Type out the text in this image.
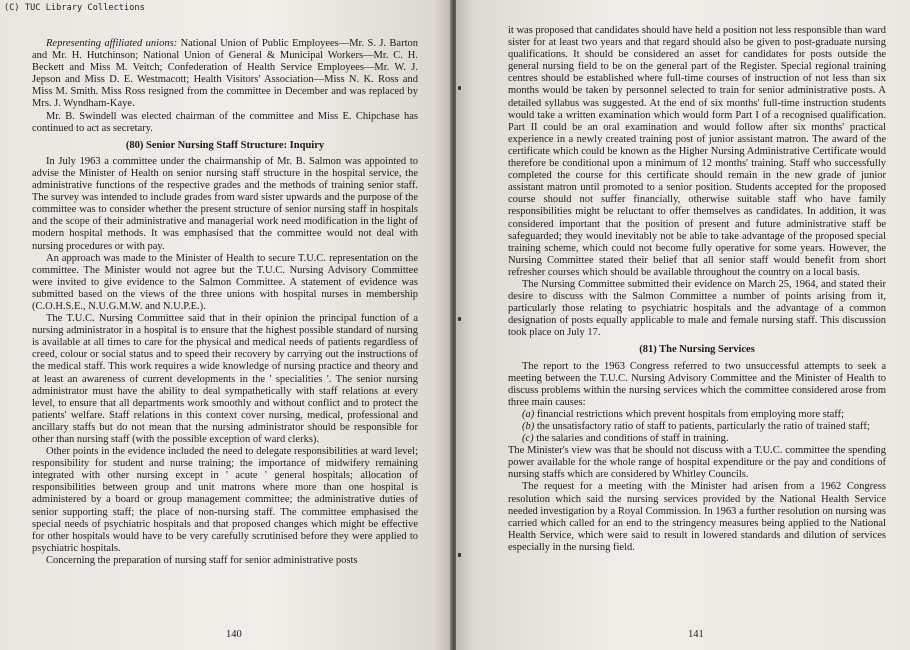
(C) TUC Library Collections

Representing affiliated unions: National Union of Public Employees—Mr. S. J. Barton and Mr. H. Hutchinson; National Union of General & Municipal Workers—Mr. C. H. Beckett and Miss M. Veitch; Confederation of Health Service Employees—Mr. W. J. Jepson and Miss D. E. Westmacott; Health Visitors' Association—Miss N. K. Ross and Miss M. Smith. Miss Ross resigned from the committee in December and was replaced by Mrs. J. Wyndham-Kaye.

Mr. B. Swindell was elected chairman of the committee and Miss E. Chipchase has continued to act as secretary.

(80) Senior Nursing Staff Structure: Inquiry

In July 1963 a committee under the chairmanship of Mr. B. Salmon was appointed to advise the Minister of Health on senior nursing staff structure in the hospital service, the administrative functions of the respective grades and the methods of training senior staff. The survey was intended to include grades from ward sister upwards and the purpose of the committee was to consider whether the present structure of senior nursing staff in hospitals and the scope of their administrative and managerial work need modification in the light of modern hospital methods. It was emphasised that the committee would not deal with nursing procedures or with pay.

An approach was made to the Minister of Health to secure T.U.C. representation on the committee. The Minister would not agree but the T.U.C. Nursing Advisory Committee were invited to give evidence to the Salmon Committee. A statement of evidence was submitted based on the views of the three unions with hospital nurses in membership (C.O.H.S.E., N.U.G.M.W. and N.U.P.E.).

The T.U.C. Nursing Committee said that in their opinion the principal function of a nursing administrator in a hospital is to ensure that the highest possible standard of nursing is available at all times to care for the physical and medical needs of patients regardless of creed, colour or social status and to speed their recovery by carrying out the instructions of the medical staff. This work requires a wide knowledge of nursing practice and theory and at least an awareness of current developments in the ' specialities '. The senior nursing administrator must have the ability to deal sympathetically with staff relations at every level, to ensure that all departments work smoothly and without conflict and to protect the patients' welfare. Staff relations in this context cover nursing, medical, professional and ancillary staffs but do not mean that the nursing administrator should be responsible for other than nursing staff (with the possible exception of ward clerks).

Other points in the evidence included the need to delegate responsibilities at ward level; responsibility for student and nurse training; the importance of midwifery remaining integrated with other nursing except in ' acute ' general hospitals; allocation of responsibilities between group and unit matrons where more than one hospital is administered by a board or group management committee; the administrative duties of senior supporting staff; the place of non-nursing staff. The committee emphasised the special needs of psychiatric hospitals and that proposed changes which might be effective for other hospitals would have to be very carefully scrutinised before they were applied to psychiatric hospitals.

Concerning the preparation of nursing staff for senior administrative posts

140

it was proposed that candidates should have held a position not less responsible than ward sister for at least two years and that regard should also be given to post-graduate nursing qualifications. It should be considered an asset for candidates for posts outside the general nursing field to be on the general part of the Register. Special regional training centres should be established where full-time courses of instruction of not less than six months would be taken by personnel selected to train for senior administrative posts. A detailed syllabus was suggested. At the end of six months' full-time instruction students would take a written examination which would form Part I of a recognised qualification. Part II could be an oral examination and would follow after six months' practical experience in a newly created training post of junior assistant matron. The award of the certificate which could be known as the Higher Nursing Administrative Certificate would therefore be conditional upon a minimum of 12 months' training. Staff who successfully completed the course for this certificate should remain in the new grade of junior assistant matron until promoted to a senior position. Students accepted for the proposed course should not suffer financially, otherwise suitable staff who have family responsibilities might be reluctant to offer themselves as candidates. In addition, it was considered important that the position of present and future administrative staff be safeguarded; they would inevitably not be able to take advantage of the proposed special training scheme, which could not become fully operative for some years. However, the Nursing Committee stated their belief that all senior staff would benefit from short refresher courses which should be available throughout the country on a local basis.

The Nursing Committee submitted their evidence on March 25, 1964, and stated their desire to discuss with the Salmon Committee a number of points arising from it, particularly those relating to psychiatric hospitals and the advantage of a common designation of posts equally applicable to male and female nursing staff. This discussion took place on July 17.

(81) The Nursing Services

The report to the 1963 Congress referred to two unsuccessful attempts to seek a meeting between the T.U.C. Nursing Advisory Committee and the Minister of Health to discuss problems within the nursing services which the committee considered arose from three main causes:

(a) financial restrictions which prevent hospitals from employing more staff;

(b) the unsatisfactory ratio of staff to patients, particularly the ratio of trained staff;

(c) the salaries and conditions of staff in training.

The Minister's view was that he should not discuss with a T.U.C. committee the spending power available for the whole range of hospital expenditure or the pay and conditions of nursing staffs which are considered by Whitley Councils.

The request for a meeting with the Minister had arisen from a 1962 Congress resolution which said the nursing services provided by the National Health Service needed investigation by a Royal Commission. In 1963 a further resolution on nursing was carried which called for an end to the stringency measures being applied to the National Health Service, which were said to result in lowered standards and dilution of services especially in the nursing field.

141
